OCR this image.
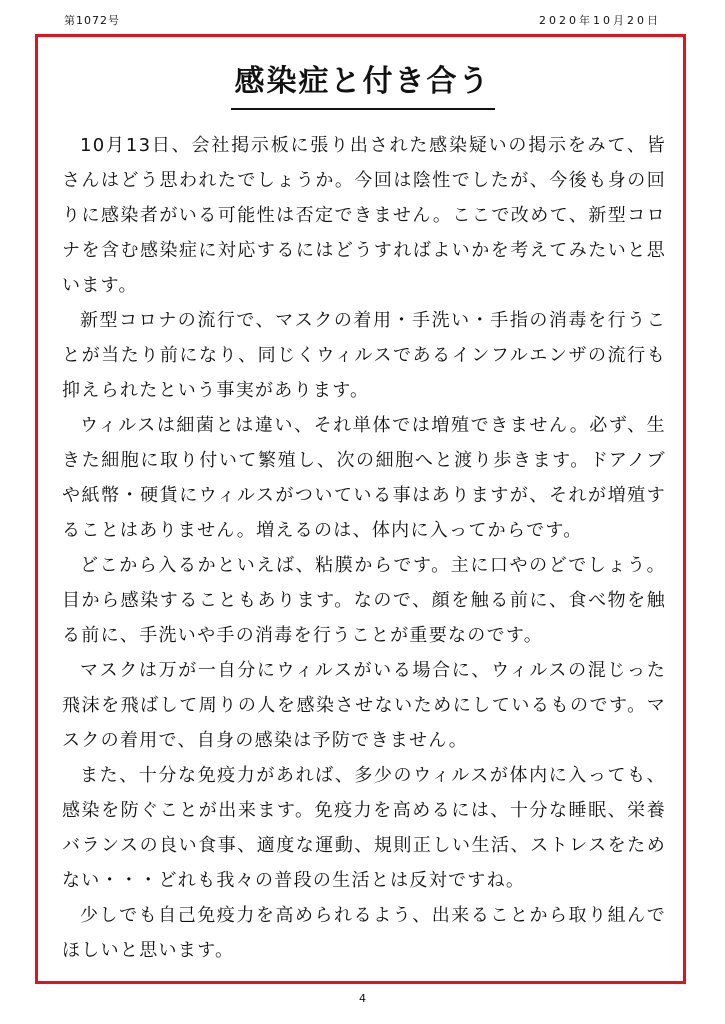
第1072号	2020年10月20日
感染症と付き合う

10月13日、会社掲示板に張り出された感染疑いの掲示をみて、皆さんはどう思われたでしょうか。今回は陰性でしたが、今後も身の回りに感染者がいる可能性は否定できません。ここで改めて、新型コロナを含む感染症に対応するにはどうすればよいかを考えてみたいと思います。

新型コロナの流行で、マスクの着用・手洗い・手指の消毒を行うことが当たり前になり、同じくウィルスであるインフルエンザの流行も抑えられたという事実があります。

ウィルスは細菌とは違い、それ単体では増殖できません。必ず、生きた細胞に取り付いて繁殖し、次の細胞へと渡り歩きます。ドアノブや紙幣・硬貨にウィルスがついている事はありますが、それが増殖することはありません。増えるのは、体内に入ってからです。

どこから入るかといえば、粘膜からです。主に口やのどでしょう。目から感染することもあります。なので、顔を触る前に、食べ物を触る前に、手洗いや手の消毒を行うことが重要なのです。

マスクは万が一自分にウィルスがいる場合に、ウィルスの混じった飛沫を飛ばして周りの人を感染させないためにしているものです。マスクの着用で、自身の感染は予防できません。

また、十分な免疫力があれば、多少のウィルスが体内に入っても、感染を防ぐことが出来ます。免疫力を高めるには、十分な睡眠、栄養バランスの良い食事、適度な運動、規則正しい生活、ストレスをためない・・・どれも我々の普段の生活とは反対ですね。

少しでも自己免疫力を高められるよう、出来ることから取り組んでほしいと思います。

4
